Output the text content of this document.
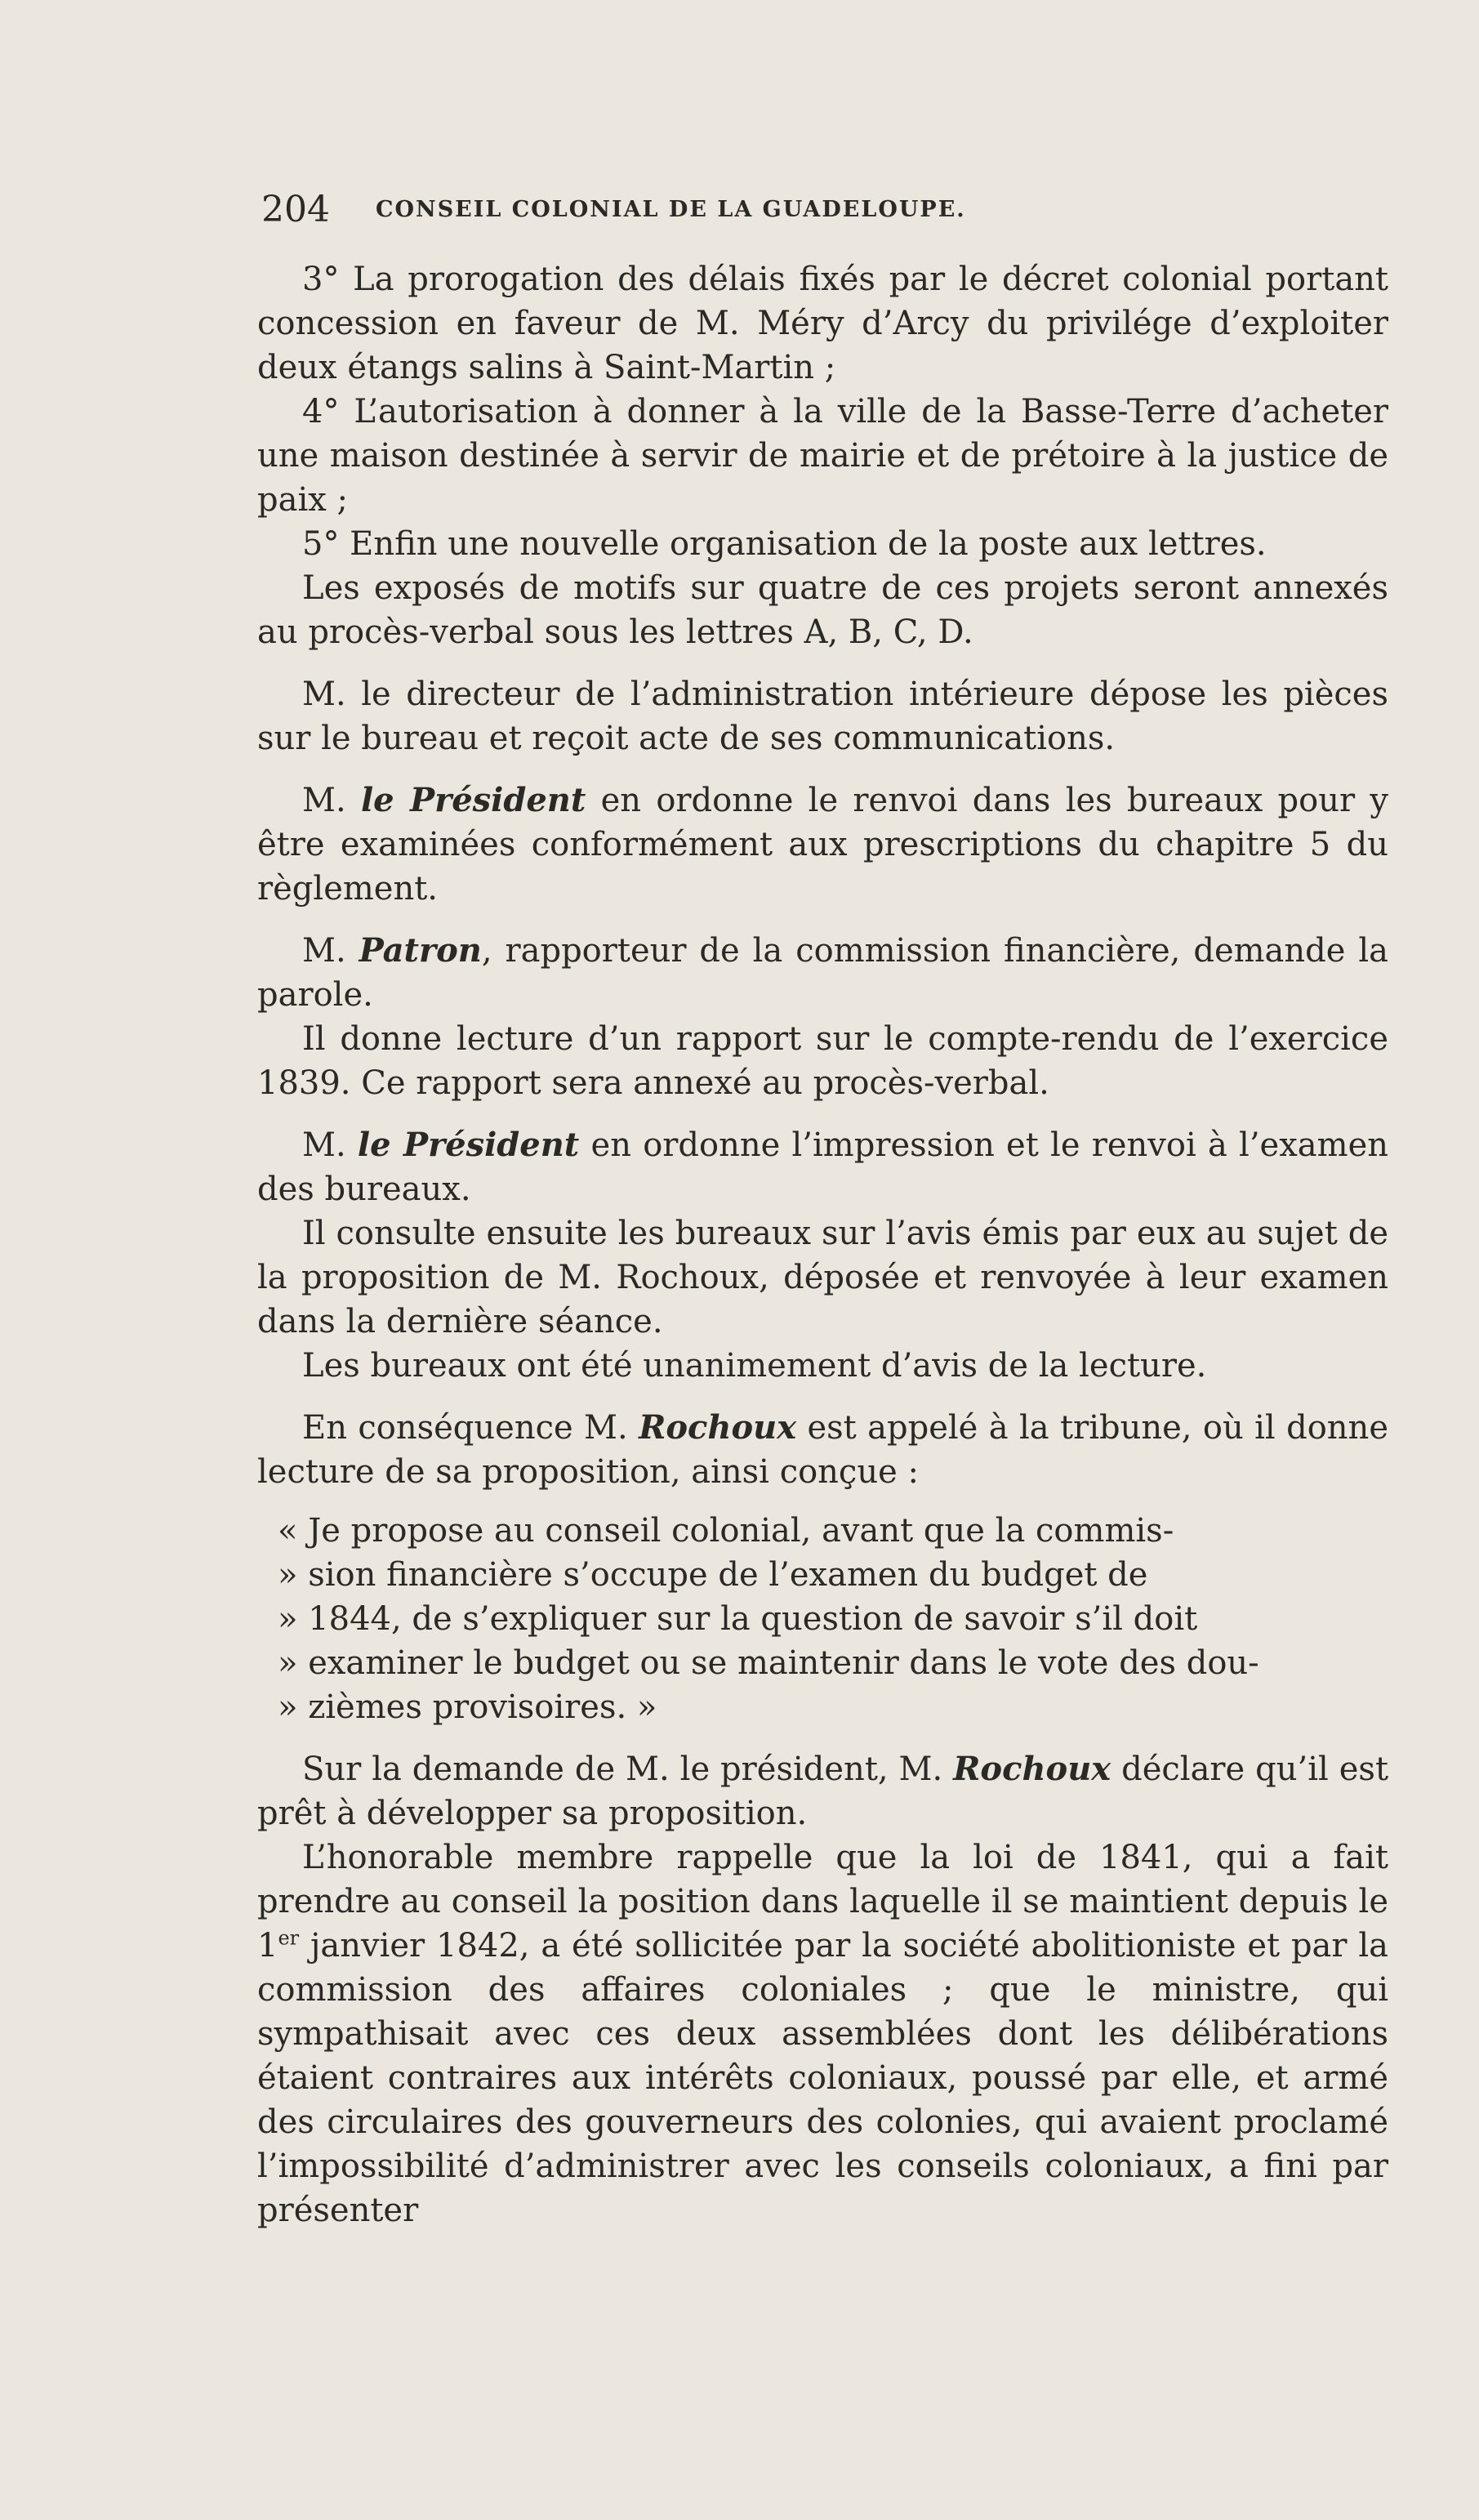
204 CONSEIL COLONIAL DE LA GUADELOUPE.

3° La prorogation des délais fixés par le décret colonial portant concession en faveur de M. Méry d’Arcy du privilége d’exploiter deux étangs salins à Saint-Martin ;

4° L’autorisation à donner à la ville de la Basse-Terre d’acheter une maison destinée à servir de mairie et de prétoire à la justice de paix ;

5° Enfin une nouvelle organisation de la poste aux lettres.

Les exposés de motifs sur quatre de ces projets seront annexés au procès-verbal sous les lettres A, B, C, D.

M. le directeur de l’administration intérieure dépose les pièces sur le bureau et reçoit acte de ses communications.

M. le Président en ordonne le renvoi dans les bureaux pour y être examinées conformément aux prescriptions du chapitre 5 du règlement.

M. Patron, rapporteur de la commission financière, demande la parole.

Il donne lecture d’un rapport sur le compte-rendu de l’exercice 1839. Ce rapport sera annexé au procès-verbal.

M. le Président en ordonne l’impression et le renvoi à l’examen des bureaux.

Il consulte ensuite les bureaux sur l’avis émis par eux au sujet de la proposition de M. Rochoux, déposée et renvoyée à leur examen dans la dernière séance.

Les bureaux ont été unanimement d’avis de la lecture.

En conséquence M. Rochoux est appelé à la tribune, où il donne lecture de sa proposition, ainsi conçue :

« Je propose au conseil colonial, avant que la commis-

» sion financière s’occupe de l’examen du budget de

» 1844, de s’expliquer sur la question de savoir s’il doit

» examiner le budget ou se maintenir dans le vote des dou-

» zièmes provisoires. »

Sur la demande de M. le président, M. Rochoux déclare qu’il est prêt à développer sa proposition.

L’honorable membre rappelle que la loi de 1841, qui a fait prendre au conseil la position dans laquelle il se maintient depuis le 1er janvier 1842, a été sollicitée par la société abolitioniste et par la commission des affaires coloniales ; que le ministre, qui sympathisait avec ces deux assemblées dont les délibérations étaient contraires aux intérêts coloniaux, poussé par elle, et armé des circulaires des gouverneurs des colonies, qui avaient proclamé l’impossibilité d’administrer avec les conseils coloniaux, a fini par présenter
